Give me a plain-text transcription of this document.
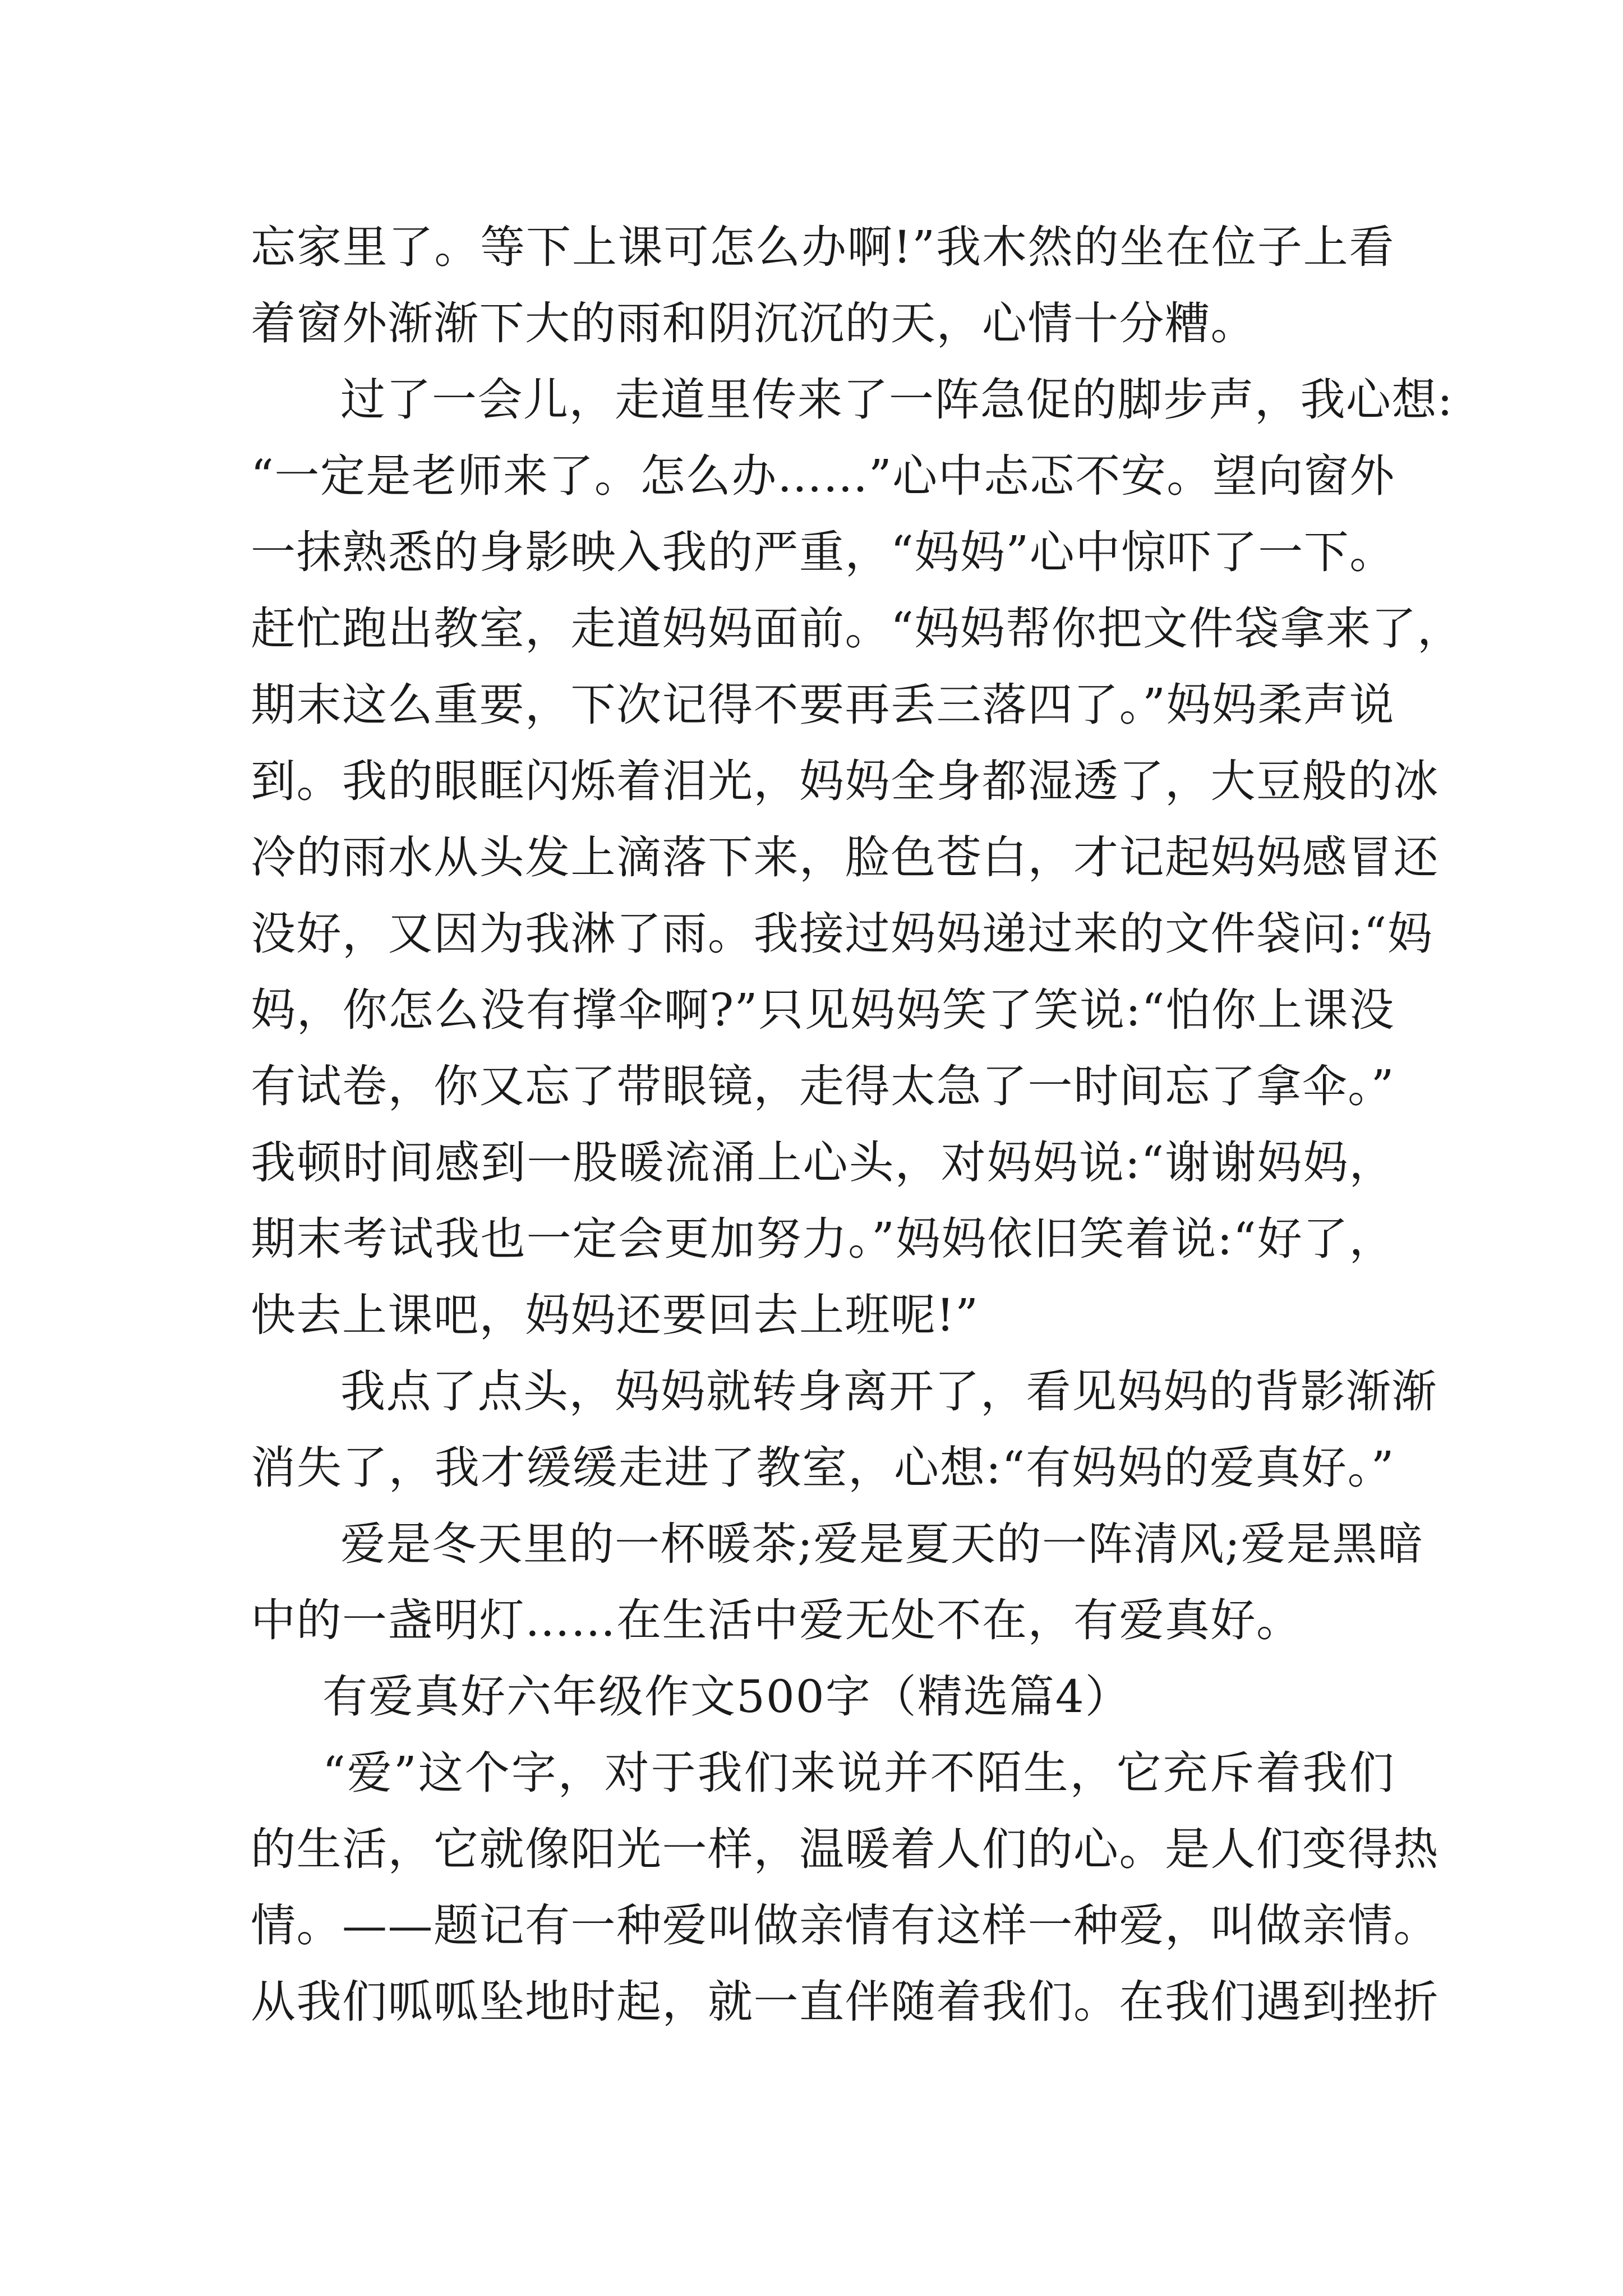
忘家里了。等下上课可怎么办啊!”我木然的坐在位子上看
着窗外渐渐下大的雨和阴沉沉的天，心情十分糟。
过了一会儿，走道里传来了一阵急促的脚步声，我心想:
“一定是老师来了。怎么办……”心中忐忑不安。望向窗外
一抹熟悉的身影映入我的严重，“妈妈”心中惊吓了一下。
赶忙跑出教室，走道妈妈面前。“妈妈帮你把文件袋拿来了，
期末这么重要，下次记得不要再丢三落四了。”妈妈柔声说
到。我的眼眶闪烁着泪光，妈妈全身都湿透了，大豆般的冰
冷的雨水从头发上滴落下来，脸色苍白，才记起妈妈感冒还
没好，又因为我淋了雨。我接过妈妈递过来的文件袋问:“妈
妈，你怎么没有撑伞啊?”只见妈妈笑了笑说:“怕你上课没
有试卷，你又忘了带眼镜，走得太急了一时间忘了拿伞。”
我顿时间感到一股暖流涌上心头，对妈妈说:“谢谢妈妈，
期末考试我也一定会更加努力。”妈妈依旧笑着说:“好了，
快去上课吧，妈妈还要回去上班呢!”
我点了点头，妈妈就转身离开了，看见妈妈的背影渐渐
消失了，我才缓缓走进了教室，心想:“有妈妈的爱真好。”
爱是冬天里的一杯暖茶;爱是夏天的一阵清风;爱是黑暗
中的一盏明灯……在生活中爱无处不在，有爱真好。
有爱真好六年级作文500字（精选篇4）
“爱”这个字，对于我们来说并不陌生，它充斥着我们
的生活，它就像阳光一样，温暖着人们的心。是人们变得热
情。——题记有一种爱叫做亲情有这样一种爱，叫做亲情。
从我们呱呱坠地时起，就一直伴随着我们。在我们遇到挫折
